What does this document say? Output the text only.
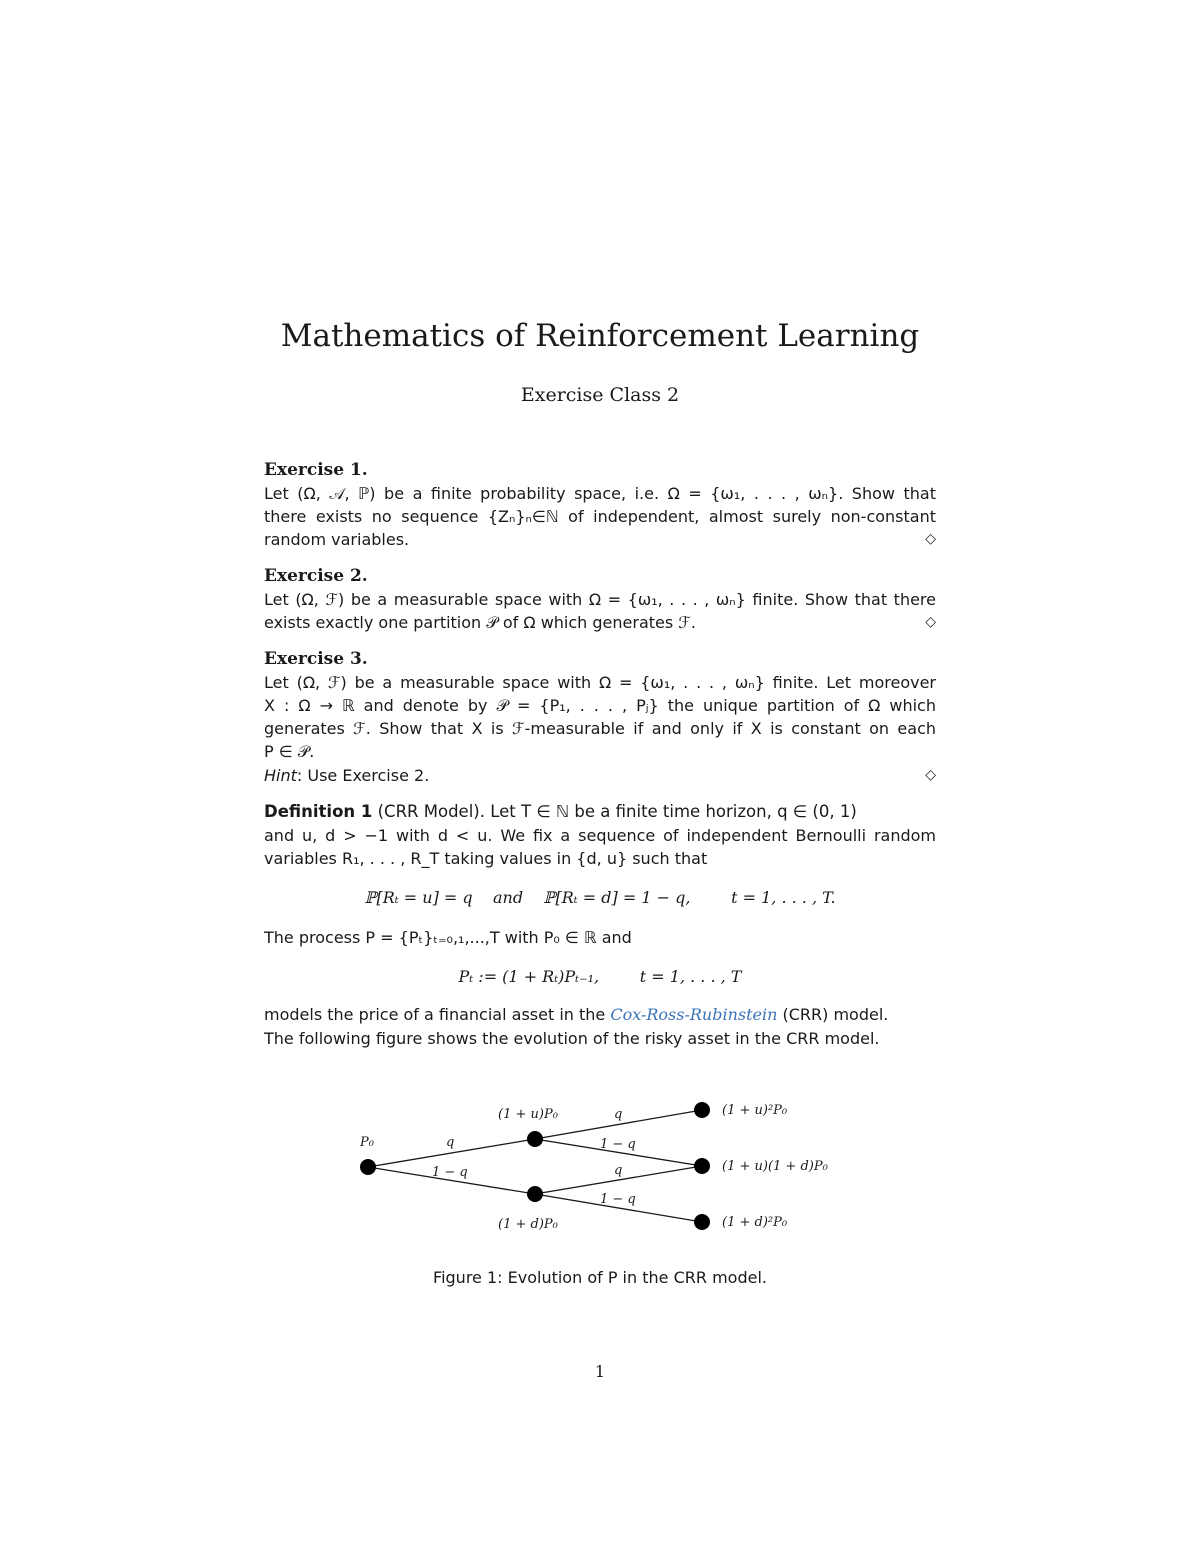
Mathematics of Reinforcement Learning
Exercise Class 2
Exercise 1.
Let (Ω, 𝒜, ℙ) be a finite probability space, i.e. Ω = {ω₁, . . . , ωₙ}. Show that
there exists no sequence {Zₙ}ₙ∈ℕ of independent, almost surely non-constant
random variables.	◇
Exercise 2.
Let (Ω, ℱ) be a measurable space with Ω = {ω₁, . . . , ωₙ} finite. Show that there
exists exactly one partition 𝒫 of Ω which generates ℱ.	◇
Exercise 3.
Let (Ω, ℱ) be a measurable space with Ω = {ω₁, . . . , ωₙ} finite. Let moreover
X : Ω → ℝ and denote by 𝒫 = {P₁, . . . , Pⱼ} the unique partition of Ω which
generates ℱ. Show that X is ℱ-measurable if and only if X is constant on each
P ∈ 𝒫.
Hint: Use Exercise 2.	◇
Definition 1 (CRR Model). Let T ∈ ℕ be a finite time horizon, q ∈ (0, 1)
and u, d > −1 with d < u. We fix a sequence of independent Bernoulli random
variables R₁, . . . , R_T taking values in {d, u} such that
ℙ[Rₜ = u] = q    and    ℙ[Rₜ = d] = 1 − q,        t = 1, . . . , T.
The process P = {Pₜ}ₜ₌₀,₁,...,T with P₀ ∈ ℝ and
Pₜ := (1 + Rₜ)Pₜ₋₁,        t = 1, . . . , T
models the price of a financial asset in the Cox-Ross-Rubinstein (CRR) model.
The following figure shows the evolution of the risky asset in the CRR model.
P₀
(1 + u)P₀
(1 + d)P₀
(1 + u)²P₀
(1 + u)(1 + d)P₀
(1 + d)²P₀
q
1 − q
q
1 − q
q
1 − q
Figure 1: Evolution of P in the CRR model.
1
